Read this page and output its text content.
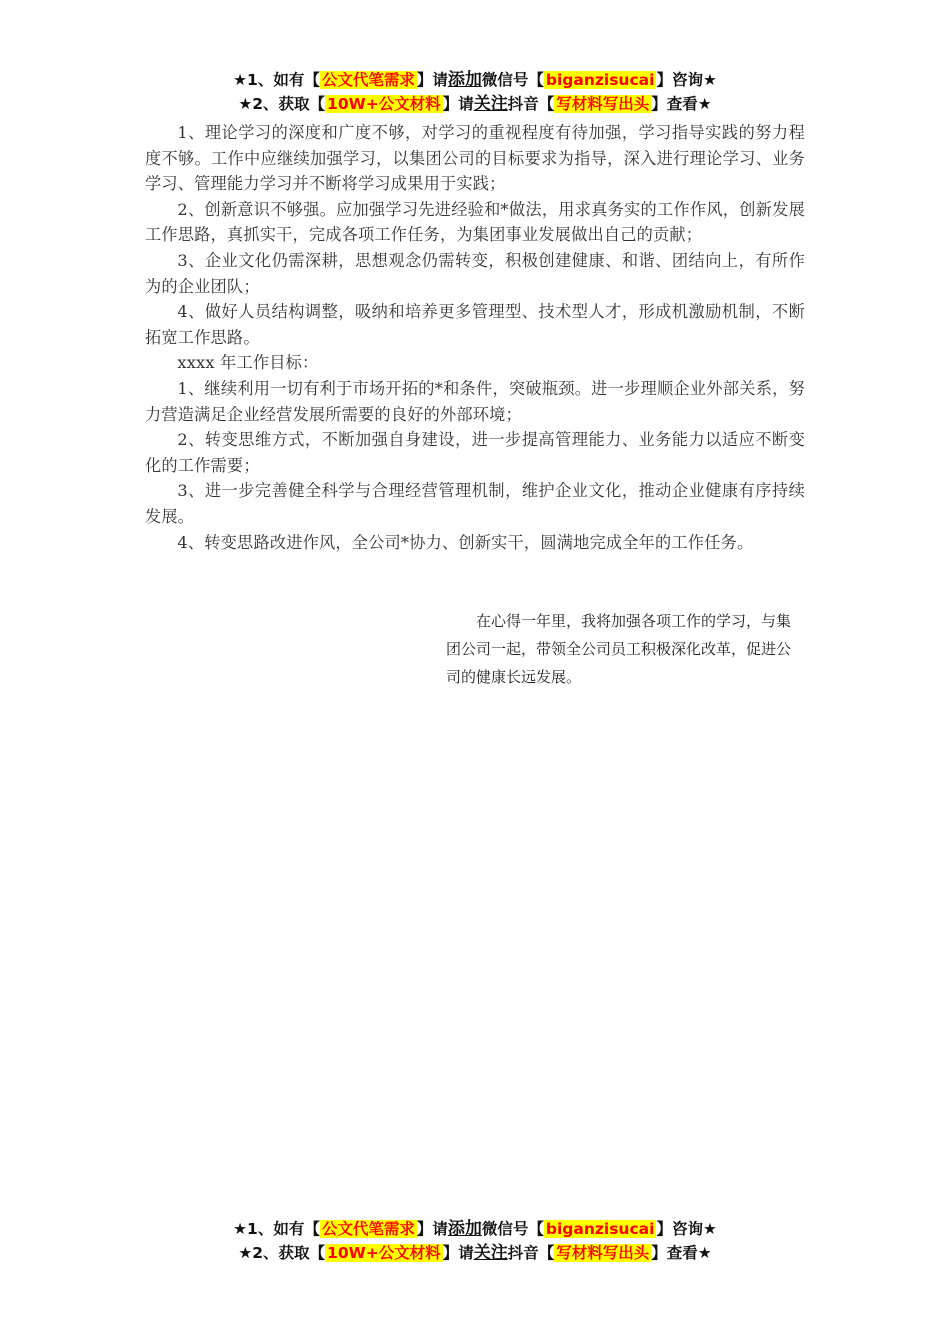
★1、如有【 公文代笔需求 】请添加微信号【 biganzisucai 】咨询★
★2、获取【 10W+公文材料 】请关注抖音【 写材料写出头 】查看★

1、理论学习的深度和广度不够，对学习的重视程度有待加强，学习指导实践的努力程度不够。工作中应继续加强学习，以集团公司的目标要求为指导，深入进行理论学习、业务学习、管理能力学习并不断将学习成果用于实践；

2、创新意识不够强。应加强学习先进经验和*做法，用求真务实的工作作风，创新发展工作思路，真抓实干，完成各项工作任务，为集团事业发展做出自己的贡献；

3、企业文化仍需深耕，思想观念仍需转变，积极创建健康、和谐、团结向上，有所作为的企业团队；

4、做好人员结构调整，吸纳和培养更多管理型、技术型人才，形成机激励机制，不断拓宽工作思路。

xxxx 年工作目标：

1、继续利用一切有利于市场开拓的*和条件，突破瓶颈。进一步理顺企业外部关系，努力营造满足企业经营发展所需要的良好的外部环境；

2、转变思维方式，不断加强自身建设，进一步提高管理能力、业务能力以适应不断变化的工作需要；

3、进一步完善健全科学与合理经营管理机制，维护企业文化，推动企业健康有序持续发展。

4、转变思路改进作风，全公司*协力、创新实干，圆满地完成全年的工作任务。

在心得一年里，我将加强各项工作的学习，与集团公司一起，带领全公司员工积极深化改革，促进公司的健康长远发展。

★1、如有【 公文代笔需求 】请添加微信号【 biganzisucai 】咨询★
★2、获取【 10W+公文材料 】请关注抖音【 写材料写出头 】查看★
